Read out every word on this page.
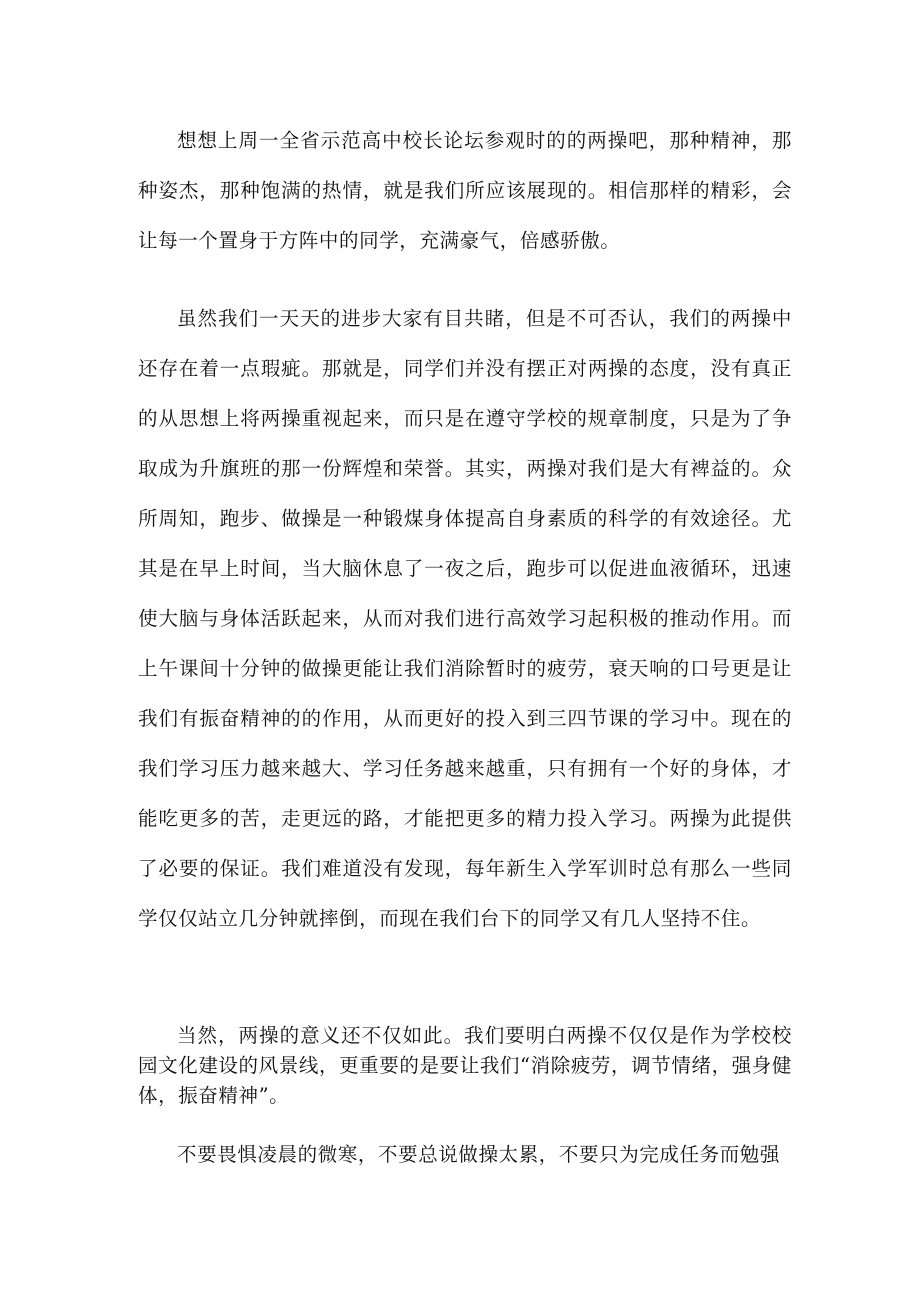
想想上周一全省示范高中校长论坛参观时的的两操吧，那种精神，那种姿杰，那种饱满的热情，就是我们所应该展现的。相信那样的精彩，会让每一个置身于方阵中的同学，充满豪气，倍感骄傲。

虽然我们一天天的进步大家有目共睹，但是不可否认，我们的两操中还存在着一点瑕疵。那就是，同学们并没有摆正对两操的态度，没有真正的从思想上将两操重视起来，而只是在遵守学校的规章制度，只是为了争取成为升旗班的那一份辉煌和荣誉。其实，两操对我们是大有裨益的。众所周知，跑步、做操是一种锻煤身体提高自身素质的科学的有效途径。尤其是在早上时间，当大脑休息了一夜之后，跑步可以促进血液循环，迅速使大脑与身体活跃起来，从而对我们进行高效学习起积极的推动作用。而上午课间十分钟的做操更能让我们消除暂时的疲劳，衰天响的口号更是让我们有振奋精神的的作用，从而更好的投入到三四节课的学习中。现在的我们学习压力越来越大、学习任务越来越重，只有拥有一个好的身体，才能吃更多的苦，走更远的路，才能把更多的精力投入学习。两操为此提供了必要的保证。我们难道没有发现，每年新生入学军训时总有那么一些同学仅仅站立几分钟就摔倒，而现在我们台下的同学又有几人坚持不住。

当然，两操的意义还不仅如此。我们要明白两操不仅仅是作为学校校园文化建设的风景线，更重要的是要让我们“消除疲劳，调节情绪，强身健体，振奋精神”。

不要畏惧凌晨的微寒，不要总说做操太累，不要只为完成任务而勉强
